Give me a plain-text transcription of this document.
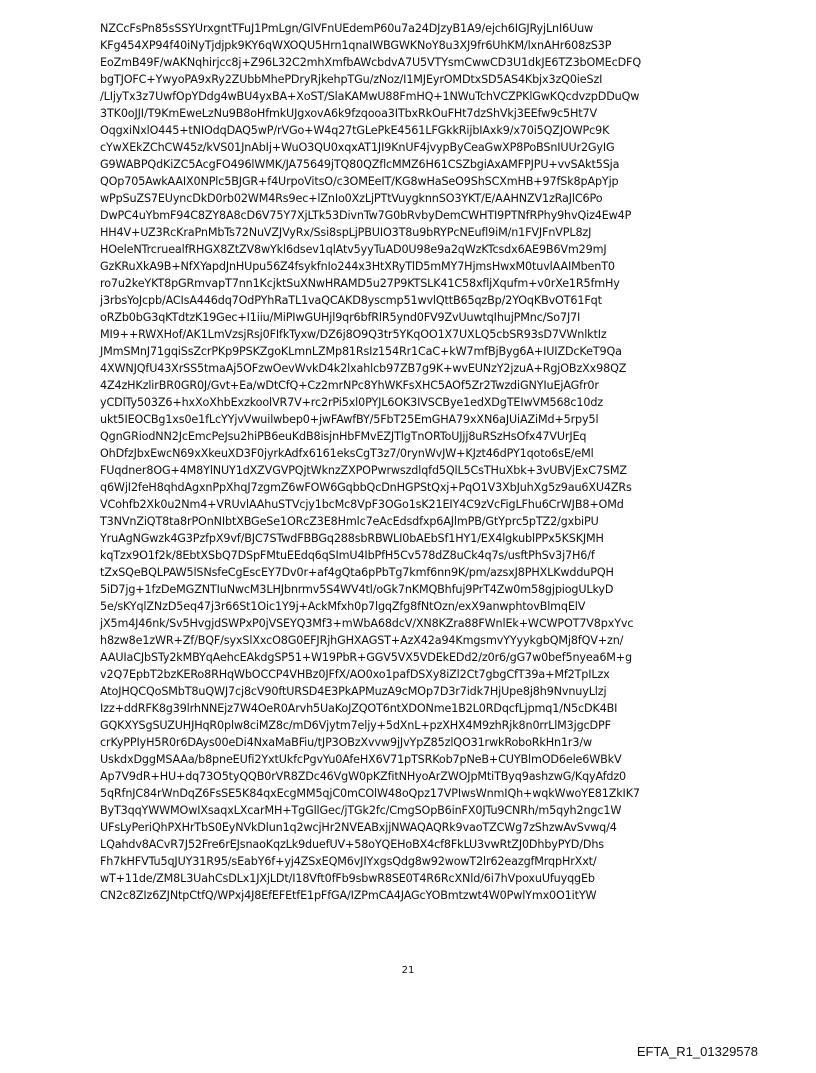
NZCcFsPn85sSSYUrxgntTFuJ1PmLgn/GlVFnUEdemP60u7a24DJzyB1A9/ejch6IGJRyjLnI6Uuw
KFg454XP94f40iNyTjdjpk9KY6qWXOQU5Hrn1qnaIWBGWKNoY8u3XJ9fr6UhKM/lxnAHr608zS3P
EoZmB49F/wAKNqhirjcc8j+Z96L32C2mhXmfbAWcbdvA7U5VTYsmCwwCD3U1dkJE6TZ3bOMEcDFQ
bgTJOFC+YwyoPA9xRy2ZUbbMhePDryRjkehpTGu/zNoz/I1MJEyrOMDtxSD5AS4Kbjx3zQ0ieSzI
/LIjyTx3z7UwfOpYDdg4wBU4yxBA+XoST/SlaKAMwU88FmHQ+1NWuTchVCZPKlGwKQcdvzpDDuQw
3TK0oJJI/T9KmEweLzNu9B8oHfmkUJgxovA6k9fzqooa3ITbxRkOuFHt7dzShVkj3EEfw9c5Ht7V
OqgxiNxlO445+tNIOdqDAQ5wP/rVGo+W4q27tGLePkE4561LFGkkRijbIAxk9/x70i5QZJOWPc9K
cYwXEkZChCW45z/kVS01JnAbIj+WuO3QU0xqxAT1JI9KnUF4jvypByCeaGwXP8PoBSnIUUr2GyIG
G9WABPQdKiZC5AcgFO496lWMK/JA75649jTQ80QZflcMMZ6H61CSZbgiAxAMFPJPU+vvSAkt5Sja
QOp705AwkAAIX0NPlc5BJGR+f4UrpoVitsO/c3OMEeIT/KG8wHaSeO9ShSCXmHB+97fSk8pApYjp
wPpSuZS7EUyncDkD0rb02WM4Rs9ec+lZnIo0XzLjPTtVuygknnSO3YKT/E/AAHNZV1zRaJlC6Po
DwPC4uYbmF94C8ZY8A8cD6V75Y7XjLTk53DivnTw7G0bRvbyDemCWHTI9PTNfRPhy9hvQiz4Ew4P
HH4V+UZ3RcKraPnMbTs72NuVZJVyRx/Ssi8spLjPBUIO3T8u9bRYPcNEufl9iM/n1FVJFnVPL8zJ
HOeleNTrcruealfRHGX8ZtZV8wYkl6dsev1qlAtv5yyTuAD0U98e9a2qWzKTcsdx6AE9B6Vm29mJ
GzKRuXkA9B+NfXYapdJnHUpu56Z4fsykfnIo244x3HtXRyTlD5mMY7HjmsHwxM0tuvlAAIMbenT0
ro7u2keYKT8pGRmvapT7nn1KcjktSuXNwHRAMD5u27P9KTSLK41C58xfljXqufm+v0rXe1R5fmHy
j3rbsYoJcpb/ACIsA446dq7OdPYhRaTL1vaQCAKD8yscmp51wvlQttB65qzBp/2YOqKBvOT61Fqt
oRZb0bG3qKTdtzK19Gec+I1iiu/MiPIwGUHjl9qr6bfRlR5ynd0FV9ZvUuwtqIhujPMnc/So7J7I
MI9++RWXHof/AK1LmVzsjRsj0FIfkTyxw/DZ6j8O9Q3tr5YKqOO1X7UXLQ5cbSR93sD7VWnlktIz
JMmSMnJ71gqiSsZcrPKp9PSKZgoKLmnLZMp81RsIz154Rr1CaC+kW7mfBjByg6A+IUIZDcKeT9Qa
4XWNJQfU43XrSS5tmaAj5OFzwOevWvkD4k2lxahlcb97ZB7g9K+wvEUNzY2jzuA+RgjOBzXx98QZ
4Z4zHKzlirBR0GR0J/Gvt+Ea/wDtCfQ+Cz2mrNPc8YhWKFsXHC5AOf5Zr2TwzdiGNYIuEjAGfr0r
yCDlTy503Z6+hxXoXhbExzkoolVR7V+rc2rPi5xl0PYJL6OK3IVSCBye1edXDgTEIwVM568c10dz
ukt5IEOCBg1xs0e1fLcYYjvVwuilwbep0+jwFAwfBY/5FbT25EmGHA79xXN6aJUiAZiMd+5rpy5l
QgnGRiodNN2JcEmcPeJsu2hiPB6euKdB8isjnHbFMvEZJTlgTnORToUJjj8uRSzHsOfx47VUrJEq
OhDfzJbxEwcN69xXkeuXD3F0jyrkAdfx6161eksCgT3z7/0rynWvJW+KJzt46dPY1qoto6sE/eMl
FUqdner8OG+4M8YlNUY1dXZVGVPQjtWknzZXPOPwrwszdlqfd5QlL5CsTHuXbk+3vUBVjExC7SMZ
q6WjI2feH8qhdAgxnPpXhqJ7zgmZ6wFOW6GqbbQcDnHGPStQxj+PqO1V3XbJuhXg5z9au6XU4ZRs
VCohfb2Xk0u2Nm4+VRUvlAAhuSTVcjy1bcMc8VpF3OGo1sK21EIY4C9zVcFigLFhu6CrWJB8+OMd
T3NVnZiQT8ta8rPOnNIbtXBGeSe1ORcZ3E8Hmlc7eAcEdsdfxp6AJlmPB/GtYprc5pTZ2/gxbiPU
YruAgNGwzk4G3PzfpX9vf/BJC7STwdFBBGq288sbRBWLI0bAEbSf1HY1/EX4lgkublPPx5KSKJMH
kqTzx9O1f2k/8EbtXSbQ7DSpFMtuEEdq6qSImU4IbPfH5Cv578dZ8uCk4q7s/usftPhSv3j7H6/f
tZxSQeBQLPAW5lSNsfeCgEscEY7Dv0r+af4gQta6pPbTg7kmf6nn9K/pm/azsxJ8PHXLKwdduPQH
5iD7jg+1fzDeMGZNTIuNwcM3LHJbnrmv5S4WV4tl/oGk7nKMQBhfuj9PrT4Zw0m58gjpiogULkyD
5e/sKYqlZNzD5eq47j3r66St1Oic1Y9j+AckMfxh0p7lgqZfg8fNtOzn/exX9anwphtovBlmqElV
jX5m4J46nk/Sv5HvgjdSWPxP0jVSEYQ3Mf3+mWbA68dcV/XN8KZra88FWnlEk+WCWPOT7V8pxYvc
h8zw8e1zWR+Zf/BQF/syxSlXxcO8G0EFJRjhGHXAGST+AzX42a94KmgsmvYYyykgbQMj8fQV+zn/
AAUIaCJbSTy2kMBYqAehcEAkdgSP51+W19PbR+GGV5VX5VDEkEDd2/z0r6/gG7w0bef5nyea6M+g
v2Q7EpbT2bzKERo8RHqWbOCCP4VHBz0JFfX/AO0xo1pafDSXy8iZl2Ct7gbgCfT39a+Mf2TpILzx
AtoJHQCQoSMbT8uQWJ7cj8cV90ftURSD4E3PkAPMuzA9cMOp7D3r7idk7HjUpe8j8h9NvnuyLlzj
Izz+ddRFK8g39lrhNNEjz7W4OeR0Arvh5UaKoJZQOT6ntXDONme1B2L0RDqcfLjpmq1/N5cDK4BI
GQKXYSgSUZUHJHqR0plw8ciMZ8c/mD6Vjytm7eljy+5dXnL+pzXHX4M9zhRjk8n0rrLlM3jgcDPF
crKyPPIyH5R0r6DAys00eDi4NxaMaBFiu/tJP3OBzXvvw9jJvYpZ85zlQO31rwkRoboRkHn1r3/w
UskdxDggMSAAa/b8pneEUfi2YxtUkfcPgvYu0AfeHX6V71pTSRKob7pNeB+CUYBlmOD6ele6WBkV
Ap7V9dR+HU+dq73O5tyQQB0rVR8ZDc46VgW0pKZfitNHyoArZWOJpMtiTByq9ashzwG/KqyAfdz0
5qRfnJC84rWnDqZ6FsSE5K84qxEcgMM5qjC0mCOlW48oQpz17VPIwsWnmIQh+wqkWwoYE81ZkIK7
ByT3qqYWWMOwIXsaqxLXcarMH+TgGllGec/jTGk2fc/CmgSOpB6inFX0JTu9CNRh/m5qyh2ngc1W
UFsLyPeriQhPXHrTbS0EyNVkDlun1q2wcjHr2NVEABxjjNWAQAQRk9vaoTZCWg7zShzwAvSvwq/4
LQahdv8ACvR7J52Fre6rEJsnaoKqzLk9duefUV+58oYQEHoBX4cf8FkLU3vwRtZJ0DhbyPYD/Dhs
Fh7kHFVTu5qJUY31R95/sEabY6f+yj4ZSxEQM6vJIYxgsQdg8w92wowT2lr62eazgfMrqpHrXxt/
wT+11de/ZM8L3UahCsDLx1JXjLDt/I18Vft0fFb9sbwR8SE0T4R6RcXNld/6i7hVpoxuUfuyqgEb
CN2c8ZIz6ZJNtpCtfQ/WPxj4J8EfEFEtfE1pFfGA/IZPmCA4JAGcYOBmtzwt4W0PwlYmx0O1itYW
21
EFTA_R1_01329578
